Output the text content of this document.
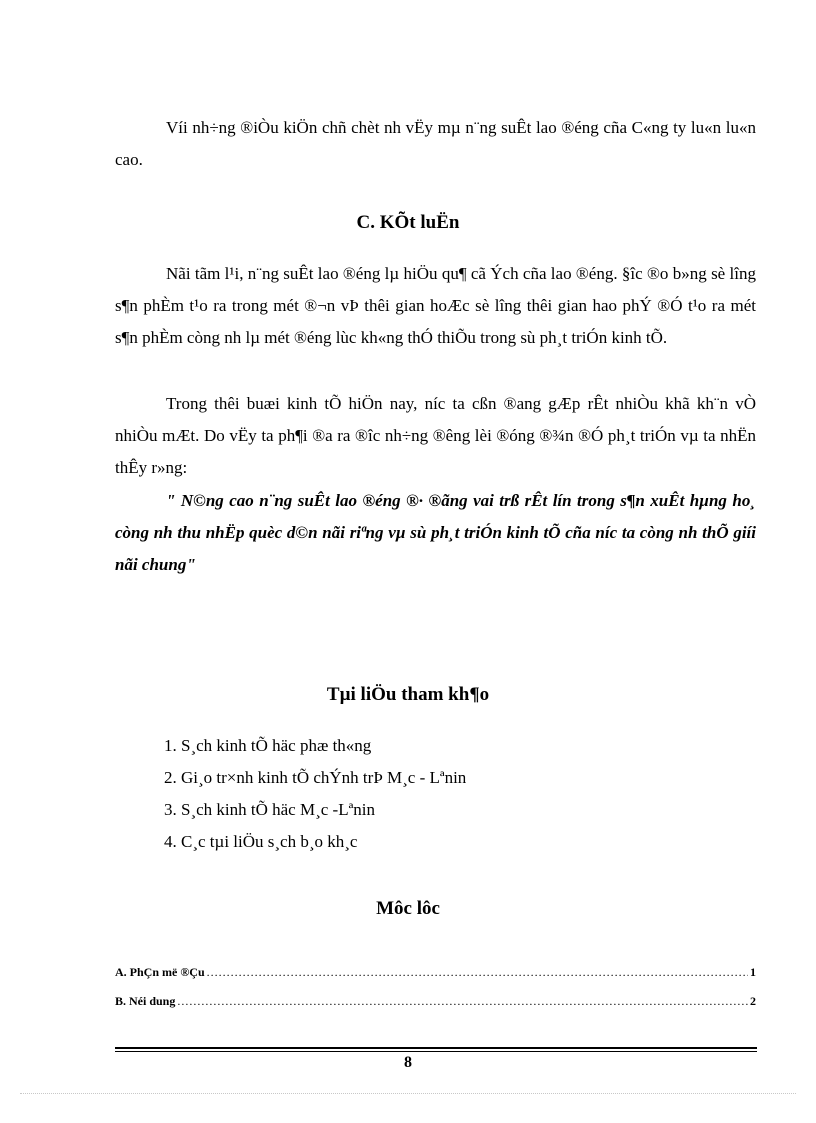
Víi nh÷ng ®iÒu kiÖn chñ chèt nh vËy mµ n¨ng suÊt lao ®éng cña C«ng ty lu«n lu«n cao.

C. KÕt luËn

Nãi tãm l¹i, n¨ng suÊt lao ®éng lµ hiÖu qu¶ cã Ých cña lao ®éng. §îc ®o b»ng sè lîng s¶n phÈm t¹o ra trong mét ®¬n vÞ thêi gian hoÆc sè lîng thêi gian hao phÝ ®Ó t¹o ra mét s¶n phÈm còng nh lµ mét ®éng lùc kh«ng thÓ thiÕu trong sù ph¸t triÓn kinh tÕ.

Trong thêi buæi kinh tÕ hiÖn nay, níc ta cßn ®ang gÆp rÊt nhiÒu khã kh¨n vÒ nhiÒu mÆt. Do vËy ta ph¶i ®a ra ®îc nh÷ng ®êng lèi ®óng ®¾n ®Ó ph¸t triÓn vµ ta nhËn thÊy r»ng:

" N©ng cao n¨ng suÊt lao ®éng ®· ®ãng vai trß rÊt lín trong s¶n xuÊt hµng ho¸ còng nh thu nhËp quèc d©n nãi riªng vµ sù ph¸t triÓn kinh tÕ cña níc ta còng nh thÕ giíi nãi chung"

Tµi liÖu tham kh¶o
1. S¸ch kinh tÕ häc phæ th«ng
2. Gi¸o tr×nh kinh tÕ chÝnh trÞ M¸c - Lªnin
3. S¸ch kinh tÕ häc M¸c -Lªnin
4. C¸c tµi liÖu s¸ch b¸o kh¸c
Môc lôc
A. PhÇn më ®Çu .....	1
B. Néi dung .....	2
8
